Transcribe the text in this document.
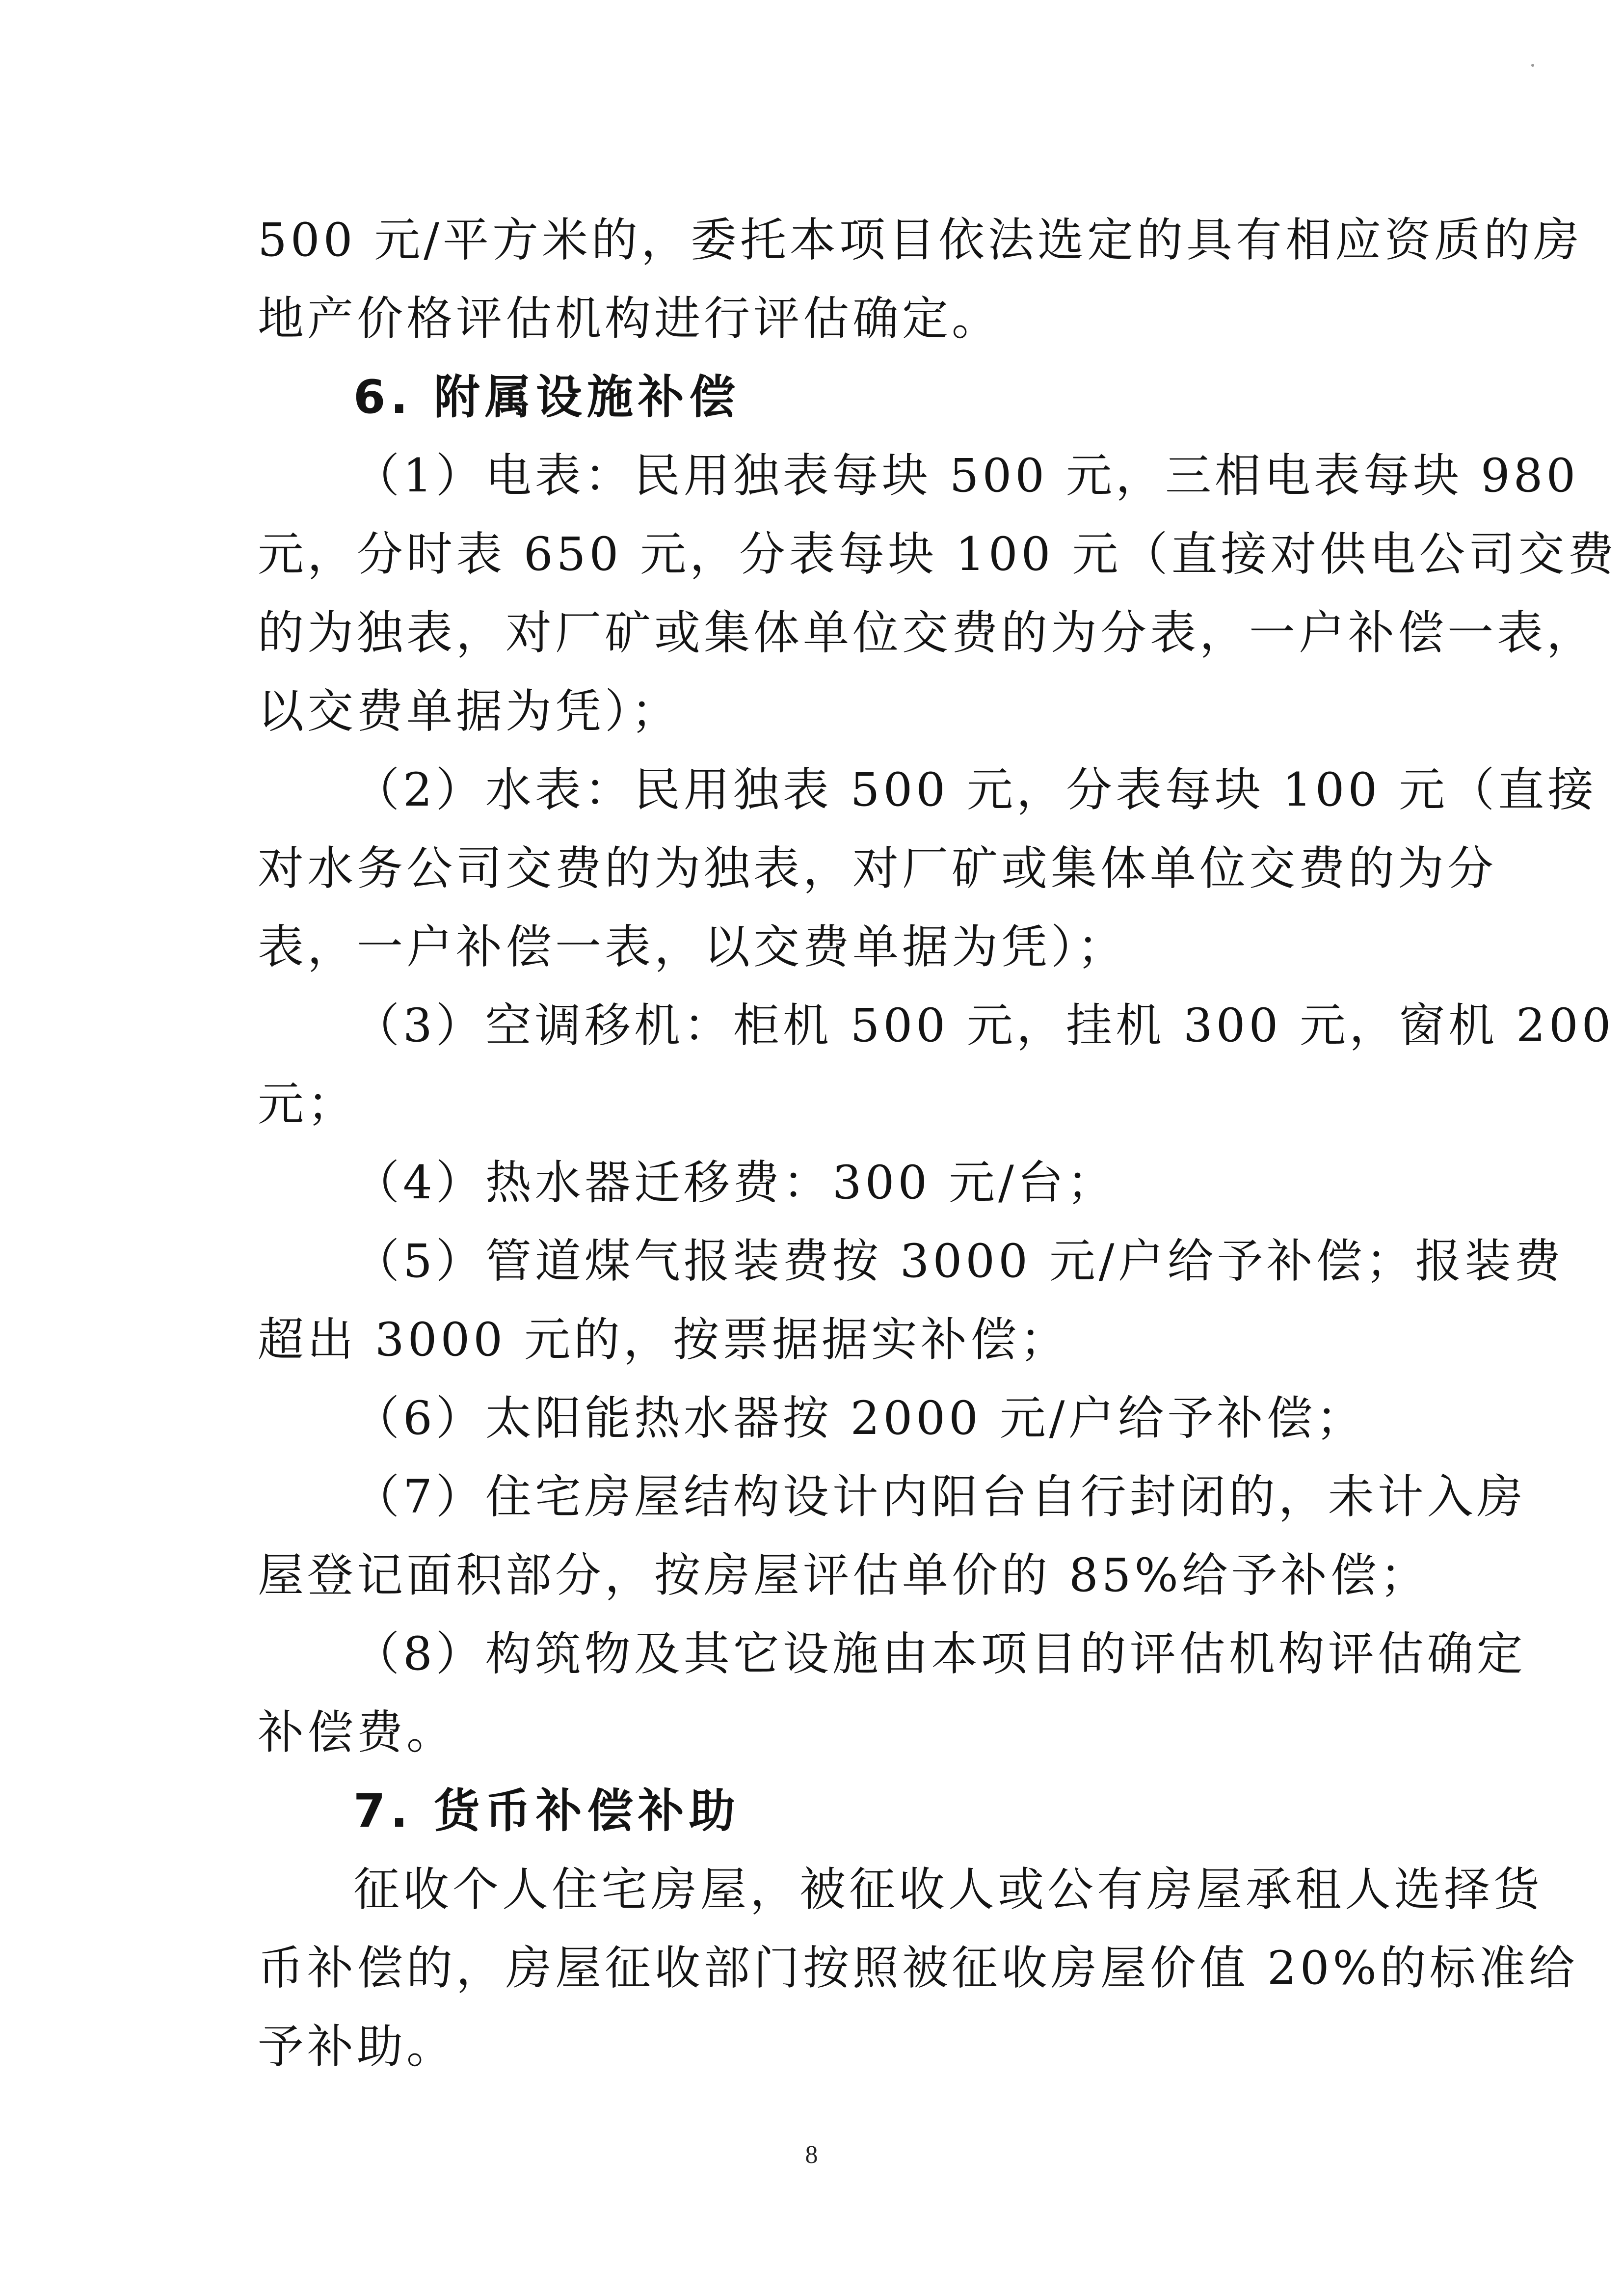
500 元/平方米的，委托本项目依法选定的具有相应资质的房
地产价格评估机构进行评估确定。
6. 附属设施补偿
（1）电表：民用独表每块 500 元，三相电表每块 980
元，分时表 650 元，分表每块 100 元（直接对供电公司交费
的为独表，对厂矿或集体单位交费的为分表，一户补偿一表，
以交费单据为凭）；
（2）水表：民用独表 500 元，分表每块 100 元（直接
对水务公司交费的为独表，对厂矿或集体单位交费的为分
表，一户补偿一表，以交费单据为凭）；
（3）空调移机：柜机 500 元，挂机 300 元，窗机 200
元；
（4）热水器迁移费：300 元/台；
（5）管道煤气报装费按 3000 元/户给予补偿；报装费
超出 3000 元的，按票据据实补偿；
（6）太阳能热水器按 2000 元/户给予补偿；
（7）住宅房屋结构设计内阳台自行封闭的，未计入房
屋登记面积部分，按房屋评估单价的 85%给予补偿；
（8）构筑物及其它设施由本项目的评估机构评估确定
补偿费。
7. 货币补偿补助
征收个人住宅房屋，被征收人或公有房屋承租人选择货
币补偿的，房屋征收部门按照被征收房屋价值 20%的标准给
予补助。
8
